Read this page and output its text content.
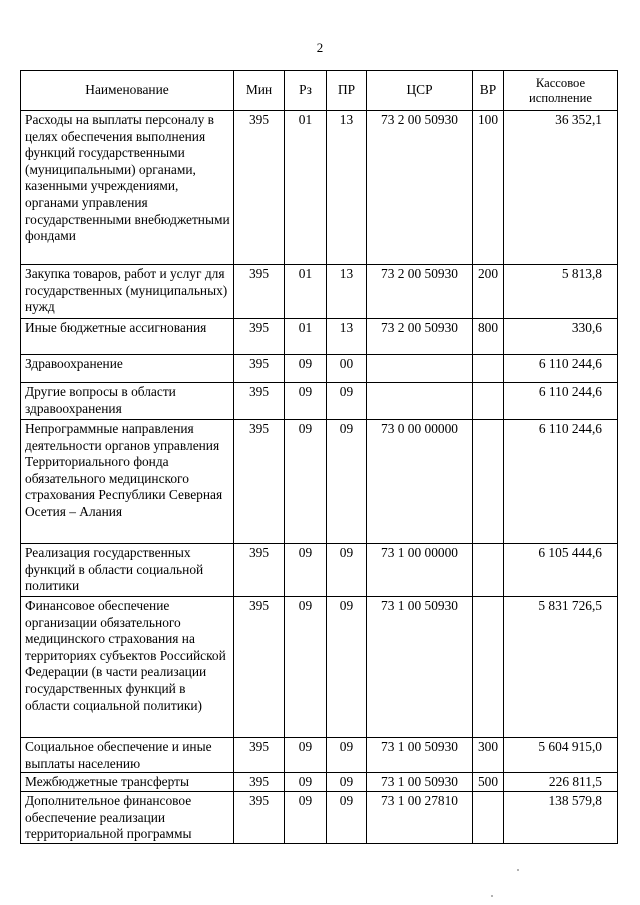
2
Наименование	Мин	Рз	ПР	ЦСР	ВР	Кассовое исполнение
Расходы на выплаты персоналу в целях обеспечения выполнения функций государственными (муниципальными) органами, казенными учреждениями, органами управления государственными внебюджетными фондами	395	01	13	73 2 00 50930	100	36 352,1
Закупка товаров, работ и услуг для государственных (муниципальных) нужд	395	01	13	73 2 00 50930	200	5 813,8
Иные бюджетные ассигнования	395	01	13	73 2 00 50930	800	330,6
Здравоохранение	395	09	00			6 110 244,6
Другие вопросы в области здравоохранения	395	09	09			6 110 244,6
Непрограммные направления деятельности органов управления Территориального фонда обязательного медицинского страхования Республики Северная Осетия – Алания	395	09	09	73 0 00 00000		6 110 244,6
Реализация государственных функций в области социальной политики	395	09	09	73 1 00 00000		6 105 444,6
Финансовое обеспечение организации обязательного медицинского страхования на территориях субъектов Российской Федерации (в части реализации государственных функций в области социальной политики)	395	09	09	73 1 00 50930		5 831 726,5
Социальное обеспечение и иные выплаты населению	395	09	09	73 1 00 50930	300	5 604 915,0
Межбюджетные трансферты	395	09	09	73 1 00 50930	500	226 811,5
Дополнительное финансовое обеспечение реализации территориальной программы	395	09	09	73 1 00 27810		138 579,8
